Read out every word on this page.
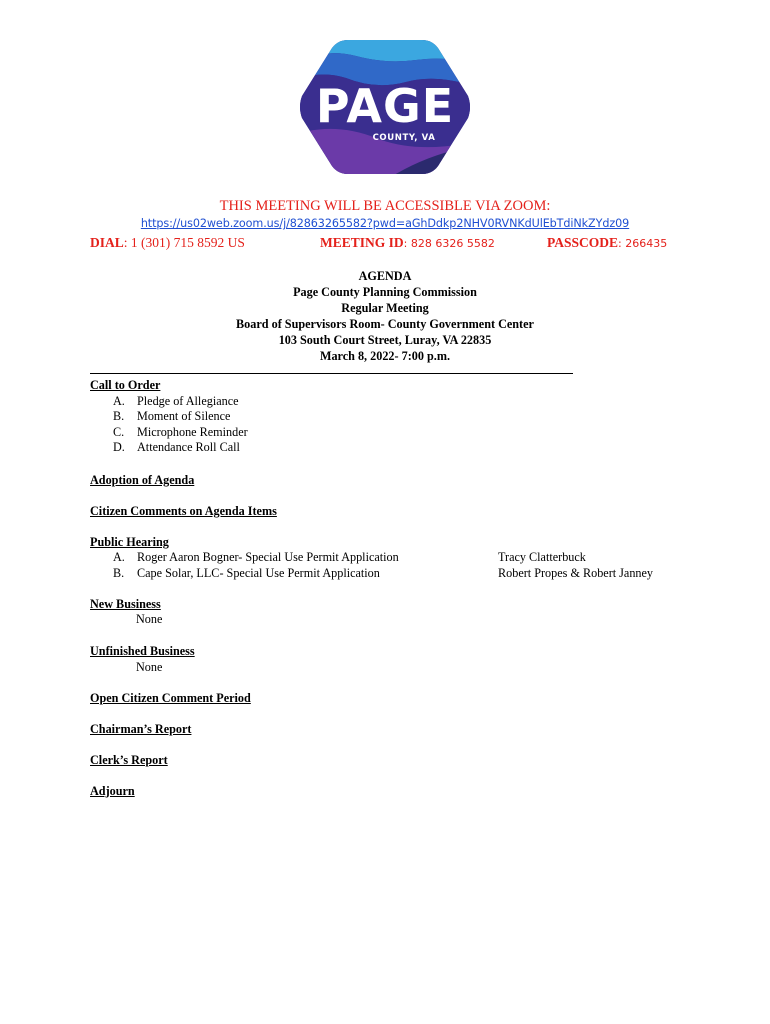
PAGE
COUNTY, VA
THIS MEETING WILL BE ACCESSIBLE VIA ZOOM:
https://us02web.zoom.us/j/82863265582?pwd=aGhDdkp2NHV0RVNKdUlEbTdiNkZYdz09
DIAL: 1 (301) 715 8592 US	MEETING ID: 828 6326 5582	PASSCODE: 266435
AGENDA
Page County Planning Commission
Regular Meeting
Board of Supervisors Room- County Government Center
103 South Court Street, Luray, VA 22835
March 8, 2022- 7:00 p.m.
Call to Order
A. Pledge of Allegiance
B. Moment of Silence
C. Microphone Reminder
D. Attendance Roll Call
Adoption of Agenda
Citizen Comments on Agenda Items
Public Hearing
A. Roger Aaron Bogner- Special Use Permit Application	Tracy Clatterbuck
B. Cape Solar, LLC- Special Use Permit Application	Robert Propes & Robert Janney
New Business
None
Unfinished Business
None
Open Citizen Comment Period
Chairman’s Report
Clerk’s Report
Adjourn
